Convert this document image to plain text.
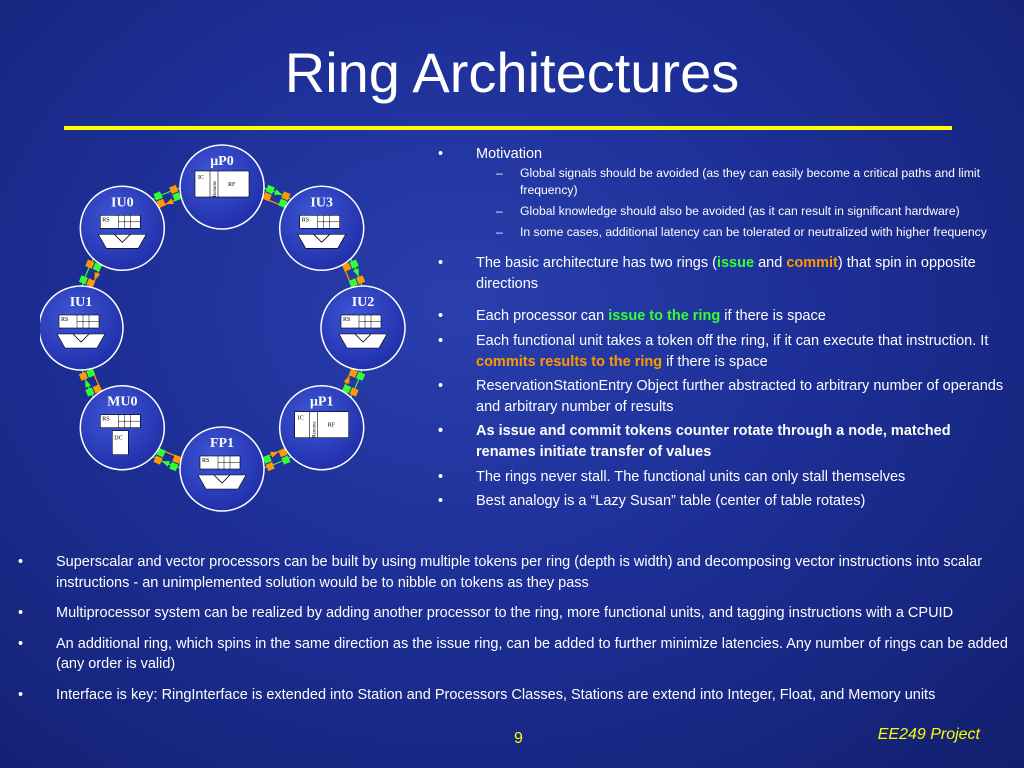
Ring Architectures
μP0
IC
Rename RF
IU3
RS
IU2
RS
μP1
IC
Rename RF
FP1
RS
MU0
RS
DC
IU1
RS
IU0
RS
• Motivation
– Global signals should be avoided (as they can easily become a critical paths and limit frequency)
– Global knowledge should also be avoided (as it can result in significant hardware)
– In some cases, additional latency can be tolerated or neutralized with higher frequency
• The basic architecture has two rings (issue and commit) that spin in opposite directions
• Each processor can issue to the ring if there is space
• Each functional unit takes a token off the ring, if it can execute that instruction. It commits results to the ring if there is space
• ReservationStationEntry Object further abstracted to arbitrary number of operands and arbitrary number of results
• As issue and commit tokens counter rotate through a node, matched renames initiate transfer of values
• The rings never stall. The functional units can only stall themselves
• Best analogy is a “Lazy Susan” table (center of table rotates)
• Superscalar and vector processors can be built by using multiple tokens per ring (depth is width) and decomposing vector instructions into scalar instructions - an unimplemented solution would be to nibble on tokens as they pass
• Multiprocessor system can be realized by adding another processor to the ring, more functional units, and tagging instructions with a CPUID
• An additional ring, which spins in the same direction as the issue ring, can be added to further minimize latencies. Any number of rings can be added (any order is valid)
• Interface is key: RingInterface is extended into Station and Processors Classes, Stations are extend into Integer, Float, and Memory units
9	EE249 Project
